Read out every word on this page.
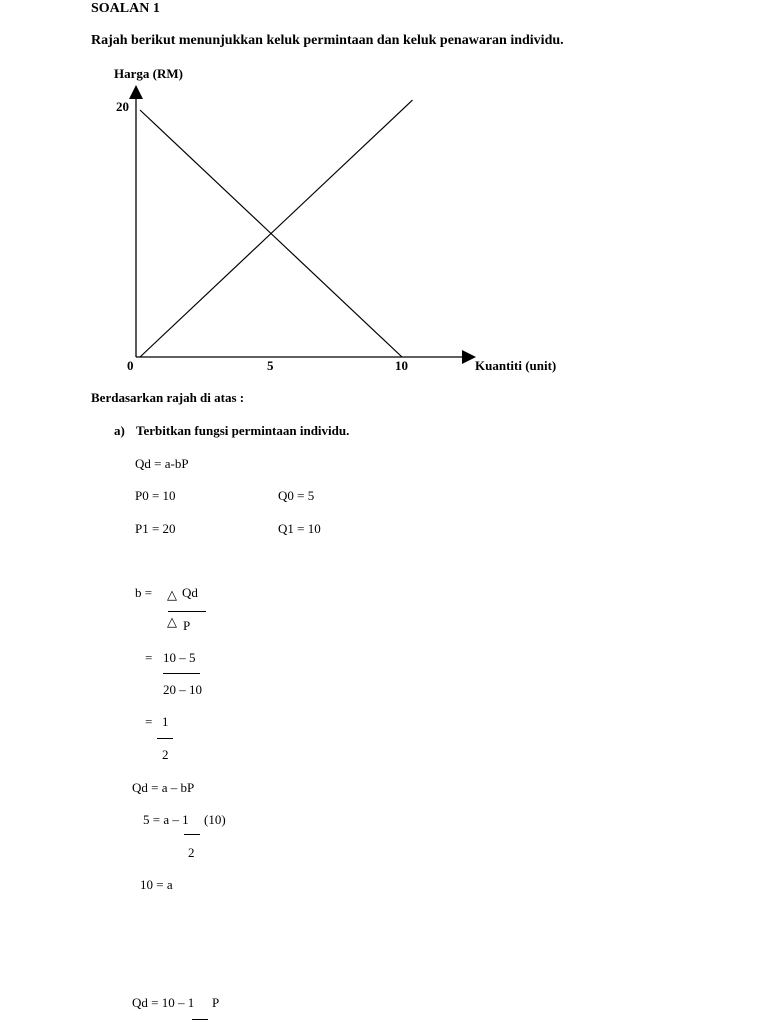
SOALAN 1
Rajah berikut menunjukkan keluk permintaan dan keluk penawaran individu.
Harga (RM)
20
0	5	10	Kuantiti (unit)
Berdasarkan rajah di atas :
a) Terbitkan fungsi permintaan individu.
Qd = a-bP
P0 = 10	Q0 = 5
P1 = 20	Q1 = 10
b = △ Qd
△ P
= 10 – 5
20 – 10
= 1
2
Qd = a – bP
5 = a – 1 (10)
2
10 = a
Qd = 10 – 1 P
